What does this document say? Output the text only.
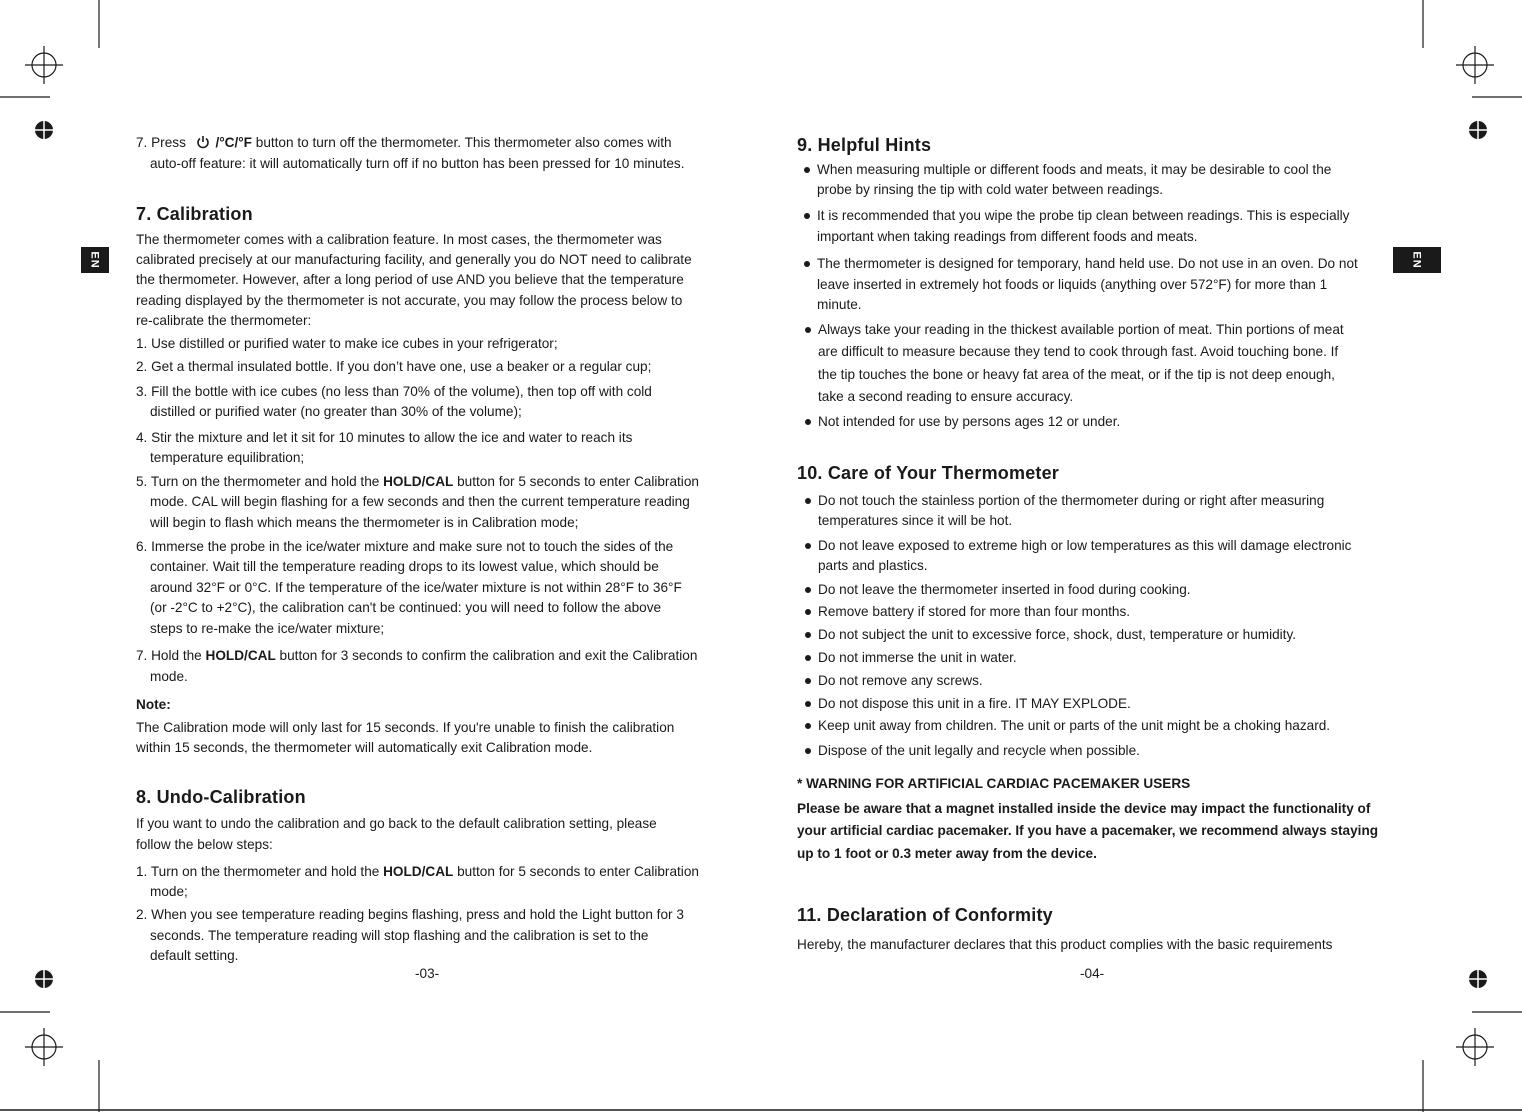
EN	EN
7. Press /°C/°F button to turn off the thermometer. This thermometer also comes with
auto-off feature: it will automatically turn off if no button has been pressed for 10 minutes.
7. Calibration
The thermometer comes with a calibration feature. In most cases, the thermometer was
calibrated precisely at our manufacturing facility, and generally you do NOT need to calibrate
the thermometer. However, after a long period of use AND you believe that the temperature
reading displayed by the thermometer is not accurate, you may follow the process below to
re-calibrate the thermometer:
1. Use distilled or purified water to make ice cubes in your refrigerator;
2. Get a thermal insulated bottle. If you don’t have one, use a beaker or a regular cup;
3. Fill the bottle with ice cubes (no less than 70% of the volume), then top off with cold
distilled or purified water (no greater than 30% of the volume);
4. Stir the mixture and let it sit for 10 minutes to allow the ice and water to reach its
temperature equilibration;
5. Turn on the thermometer and hold the HOLD/CAL button for 5 seconds to enter Calibration
mode. CAL will begin flashing for a few seconds and then the current temperature reading
will begin to flash which means the thermometer is in Calibration mode;
6. Immerse the probe in the ice/water mixture and make sure not to touch the sides of the
container. Wait till the temperature reading drops to its lowest value, which should be
around 32°F or 0°C. If the temperature of the ice/water mixture is not within 28°F to 36°F
(or -2°C to +2°C), the calibration can't be continued: you will need to follow the above
steps to re-make the ice/water mixture;
7. Hold the HOLD/CAL button for 3 seconds to confirm the calibration and exit the Calibration
mode.
Note:
The Calibration mode will only last for 15 seconds. If you're unable to finish the calibration
within 15 seconds, the thermometer will automatically exit Calibration mode.
8. Undo-Calibration
If you want to undo the calibration and go back to the default calibration setting, please
follow the below steps:
1. Turn on the thermometer and hold the HOLD/CAL button for 5 seconds to enter Calibration
mode;
2. When you see temperature reading begins flashing, press and hold the Light button for 3
seconds. The temperature reading will stop flashing and the calibration is set to the
default setting.
-03-
9. Helpful Hints
When measuring multiple or different foods and meats, it may be desirable to cool the
probe by rinsing the tip with cold water between readings.
It is recommended that you wipe the probe tip clean between readings. This is especially
important when taking readings from different foods and meats.
The thermometer is designed for temporary, hand held use. Do not use in an oven. Do not
leave inserted in extremely hot foods or liquids (anything over 572°F) for more than 1
minute.
Always take your reading in the thickest available portion of meat. Thin portions of meat
are difficult to measure because they tend to cook through fast. Avoid touching bone. If
the tip touches the bone or heavy fat area of the meat, or if the tip is not deep enough,
take a second reading to ensure accuracy.
Not intended for use by persons ages 12 or under.
10. Care of Your Thermometer
Do not touch the stainless portion of the thermometer during or right after measuring
temperatures since it will be hot.
Do not leave exposed to extreme high or low temperatures as this will damage electronic
parts and plastics.
Do not leave the thermometer inserted in food during cooking.
Remove battery if stored for more than four months.
Do not subject the unit to excessive force, shock, dust, temperature or humidity.
Do not immerse the unit in water.
Do not remove any screws.
Do not dispose this unit in a fire. IT MAY EXPLODE.
Keep unit away from children. The unit or parts of the unit might be a choking hazard.
Dispose of the unit legally and recycle when possible.
* WARNING FOR ARTIFICIAL CARDIAC PACEMAKER USERS
Please be aware that a magnet installed inside the device may impact the functionality of
your artificial cardiac pacemaker. If you have a pacemaker, we recommend always staying
up to 1 foot or 0.3 meter away from the device.
11. Declaration of Conformity
Hereby, the manufacturer declares that this product complies with the basic requirements
-04-
